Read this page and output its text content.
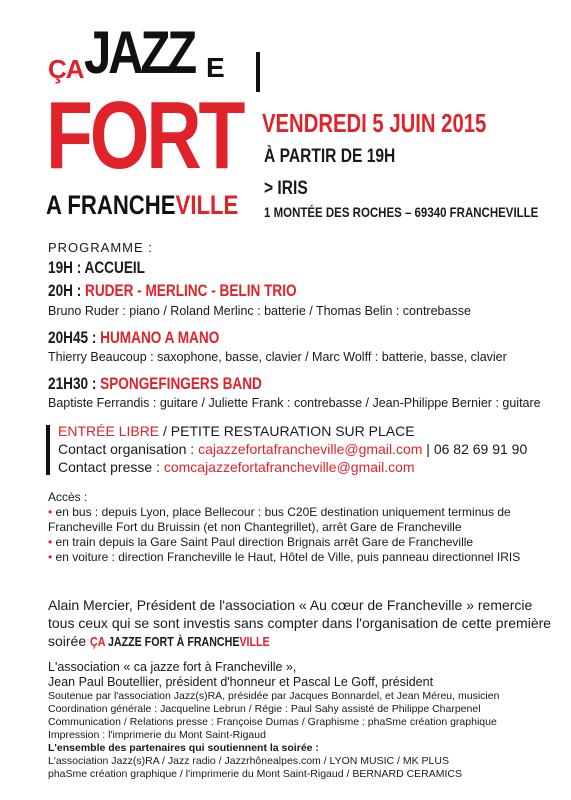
ÇA JAZZ E
FORT
A FRANCHEVILLE
VENDREDI 5 JUIN 2015
À PARTIR DE 19H
> IRIS
1 MONTÉE DES ROCHES – 69340 FRANCHEVILLE
PROGRAMME :
19H : ACCUEIL
20H : RUDER - MERLINC - BELIN TRIO
Bruno Ruder : piano / Roland Merlinc : batterie / Thomas Belin : contrebasse
20H45 : HUMANO A MANO
Thierry Beaucoup : saxophone, basse, clavier / Marc Wolff : batterie, basse, clavier
21H30 : SPONGEFINGERS BAND
Baptiste Ferrandis : guitare / Juliette Frank : contrebasse / Jean-Philippe Bernier : guitare
ENTRÉE LIBRE / PETITE RESTAURATION SUR PLACE
Contact organisation : cajazzefortafrancheville@gmail.com | 06 82 69 91 90
Contact presse : comcajazzefortafrancheville@gmail.com
Accès :
• en bus : depuis Lyon, place Bellecour : bus C20E destination uniquement terminus de
Francheville Fort du Bruissin (et non Chantegrillet), arrêt Gare de Francheville
• en train depuis la Gare Saint Paul direction Brignais arrêt Gare de Francheville
• en voiture : direction Francheville le Haut, Hôtel de Ville, puis panneau directionnel IRIS
Alain Mercier, Président de l'association « Au cœur de Francheville » remercie
tous ceux qui se sont investis sans compter dans l'organisation de cette première
soirée ÇA JAZZE FORT À FRANCHEVILLE
L'association « ca jazze fort à Francheville »,
Jean Paul Boutellier, président d'honneur et Pascal Le Goff, président
Soutenue par l'association Jazz(s)RA, présidée par Jacques Bonnardel, et Jean Méreu, musicien
Coordination générale : Jacqueline Lebrun / Régie : Paul Sahy assisté de Philippe Charpenel
Communication / Relations presse : Françoise Dumas / Graphisme : phaSme création graphique
Impression : l'imprimerie du Mont Saint-Rigaud
L'ensemble des partenaires qui soutiennent la soirée :
L'association Jazz(s)RA / Jazz radio / Jazzrhônealpes.com / LYON MUSIC / MK PLUS
phaSme création graphique / l'imprimerie du Mont Saint-Rigaud / BERNARD CERAMICS
